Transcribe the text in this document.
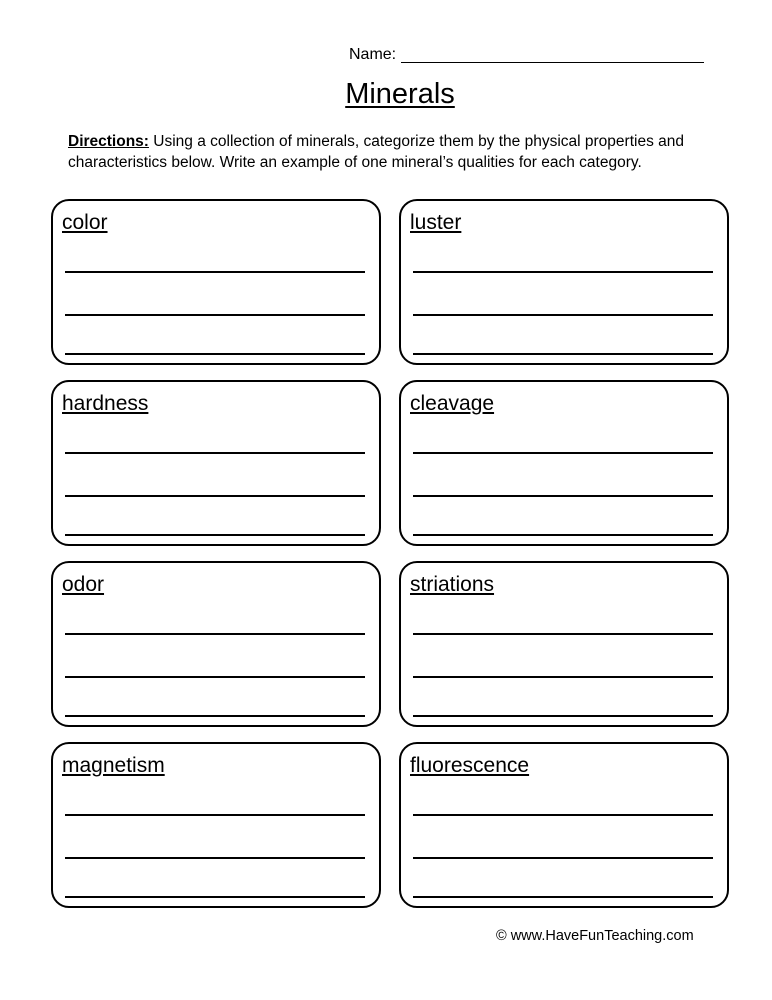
Name:
Minerals
Directions: Using a collection of minerals, categorize them by the physical properties and characteristics below. Write an example of one mineral’s qualities for each category.
color	luster
hardness	cleavage
odor	striations
magnetism	fluorescence
© www.HaveFunTeaching.com
